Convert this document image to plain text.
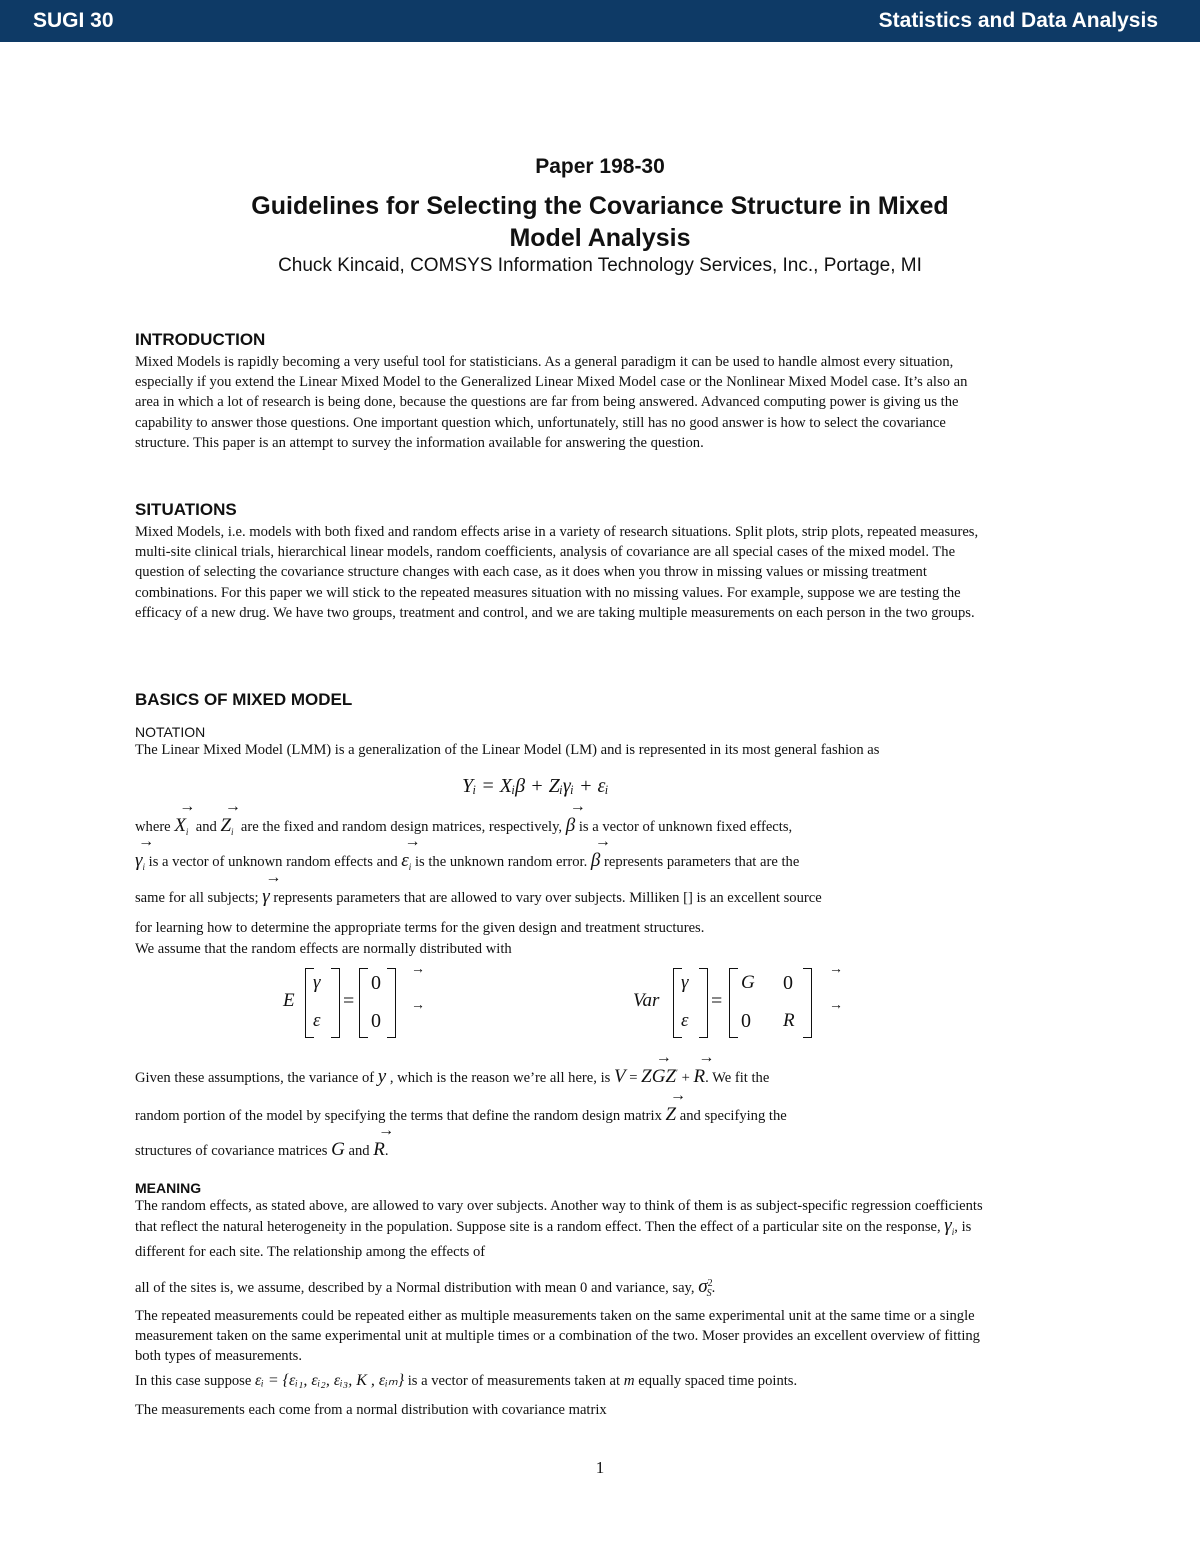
SUGI 30	Statistics and Data Analysis
Paper 198-30
Guidelines for Selecting the Covariance Structure in Mixed
Model Analysis
Chuck Kincaid, COMSYS Information Technology Services, Inc., Portage, MI
INTRODUCTION

Mixed Models is rapidly becoming a very useful tool for statisticians. As a general paradigm it can be used to handle almost every situation, especially if you extend the Linear Mixed Model to the Generalized Linear Mixed Model case or the Nonlinear Mixed Model case. It’s also an area in which a lot of research is being done, because the questions are far from being answered. Advanced computing power is giving us the capability to answer those questions. One important question which, unfortunately, still has no good answer is how to select the covariance structure. This paper is an attempt to survey the information available for answering the question.

SITUATIONS

Mixed Models, i.e. models with both fixed and random effects arise in a variety of research situations. Split plots, strip plots, repeated measures, multi-site clinical trials, hierarchical linear models, random coefficients, analysis of covariance are all special cases of the mixed model. The question of selecting the covariance structure changes with each case, as it does when you throw in missing values or missing treatment combinations. For this paper we will stick to the repeated measures situation with no missing values. For example, suppose we are testing the efficacy of a new drug. We have two groups, treatment and control, and we are taking multiple measurements on each person in the two groups.

BASICS OF MIXED MODEL
NOTATION

The Linear Mixed Model (LMM) is a generalization of the Linear Model (LM) and is represented in its most general fashion as

Yᵢ = Xᵢβ + Zᵢγᵢ + εᵢ
where $X \to_i$ and $Z \to_i$ are the fixed and random design matrices, respectively, β → is a vector of unknown fixed effects,
$\gamma \to_i$ is a vector of unknown random effects and $\varepsilon \to_i$ is the unknown random error. β → represents parameters that are the
same for all subjects; γ → represents parameters that are allowed to vary over subjects. Milliken [] is an excellent source
for learning how to determine the appropriate terms for the given design and treatment structures.
We assume that the random effects are normally distributed with
E
γ
ε
=
0
0
→
→	Var
γ
ε
=
G 0
0 R
→
→
Given these assumptions, the variance of y , which is the reason we’re all here, is V = ZGZ →′ + R →. We fit the
random portion of the model by specifying the terms that define the random design matrix Z → and specifying the
structures of covariance matrices G and R →.
MEANING

The random effects, as stated above, are allowed to vary over subjects. Another way to think of them is as subject-specific regression coefficients that reflect the natural heterogeneity in the population. Suppose site is a random effect. Then the effect of a particular site on the response, $\gamma_i$, is different for each site. The relationship among the effects of

all of the sites is, we assume, described by a Normal distribution with mean 0 and variance, say, $\sigma^2_S$.

The repeated measurements could be repeated either as multiple measurements taken on the same experimental unit at the same time or a single measurement taken on the same experimental unit at multiple times or a combination of the two. Moser provides an excellent overview of fitting both types of measurements.

In this case suppose εᵢ = {εᵢ₁, εᵢ₂, εᵢ₃, K , εᵢₘ} is a vector of measurements taken at m equally spaced time points.
The measurements each come from a normal distribution with covariance matrix
1
